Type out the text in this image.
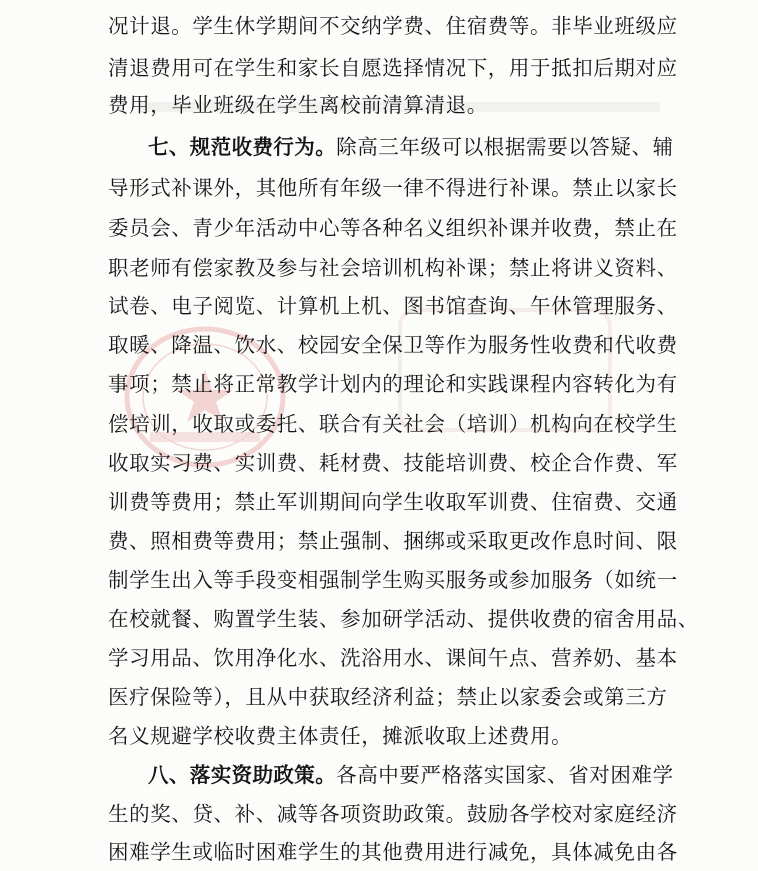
况计退。学生休学期间不交纳学费、住宿费等。非毕业班级应
清退费用可在学生和家长自愿选择情况下，用于抵扣后期对应
费用，毕业班级在学生离校前清算清退。
七、规范收费行为。除高三年级可以根据需要以答疑、辅
导形式补课外，其他所有年级一律不得进行补课。禁止以家长
委员会、青少年活动中心等各种名义组织补课并收费，禁止在
职老师有偿家教及参与社会培训机构补课；禁止将讲义资料、
试卷、电子阅览、计算机上机、图书馆查询、午休管理服务、
取暖、降温、饮水、校园安全保卫等作为服务性收费和代收费
事项；禁止将正常教学计划内的理论和实践课程内容转化为有
偿培训，收取或委托、联合有关社会（培训）机构向在校学生
收取实习费、实训费、耗材费、技能培训费、校企合作费、军
训费等费用；禁止军训期间向学生收取军训费、住宿费、交通
费、照相费等费用；禁止强制、捆绑或采取更改作息时间、限
制学生出入等手段变相强制学生购买服务或参加服务（如统一
在校就餐、购置学生装、参加研学活动、提供收费的宿舍用品、
学习用品、饮用净化水、洗浴用水、课间午点、营养奶、基本
医疗保险等），且从中获取经济利益；禁止以家委会或第三方
名义规避学校收费主体责任，摊派收取上述费用。
八、落实资助政策。各高中要严格落实国家、省对困难学
生的奖、贷、补、减等各项资助政策。鼓励各学校对家庭经济
困难学生或临时困难学生的其他费用进行减免，具体减免由各
